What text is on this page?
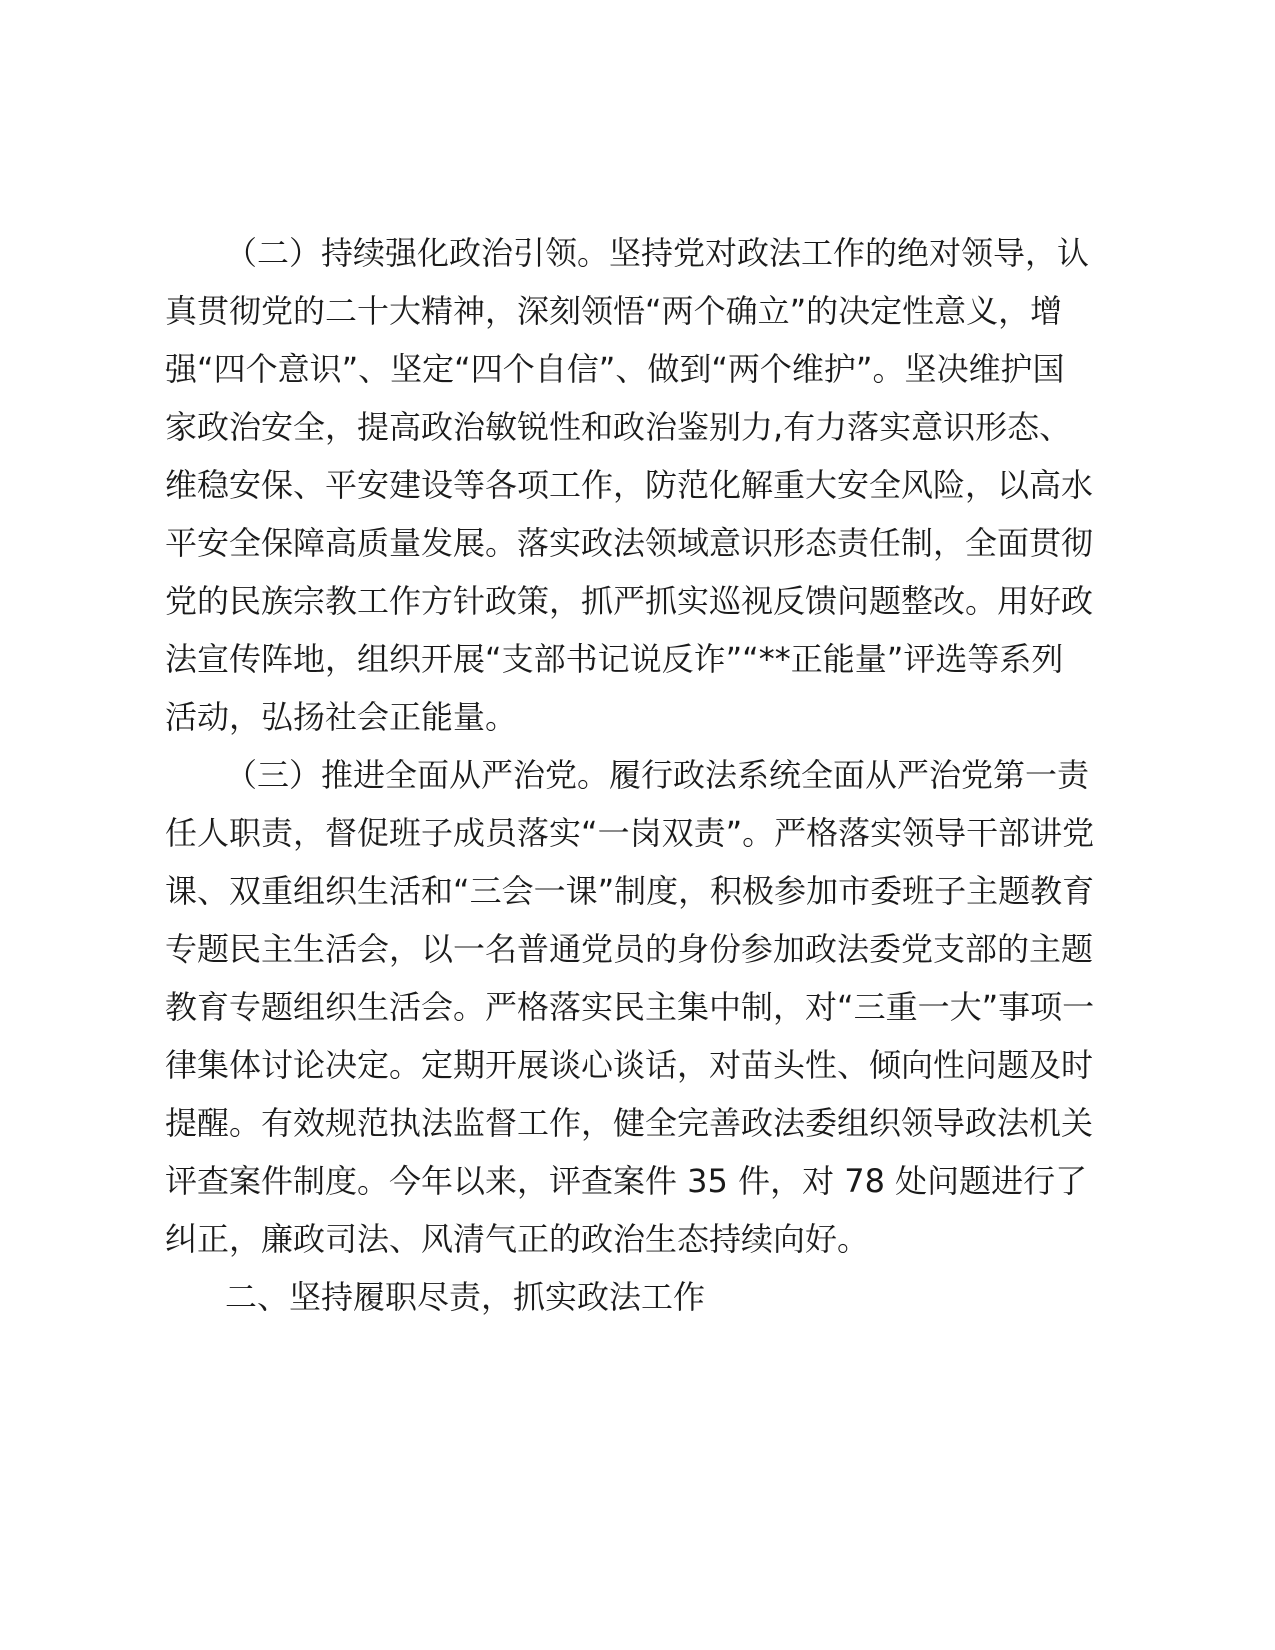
（二）持续强化政治引领。坚持党对政法工作的绝对领导，认真贯彻党的二十大精神，深刻领悟“两个确立”的决定性意义，增强“四个意识”、坚定“四个自信”、做到“两个维护”。坚决维护国家政治安全，提高政治敏锐性和政治鉴别力,有力落实意识形态、维稳安保、平安建设等各项工作，防范化解重大安全风险，以高水平安全保障高质量发展。落实政法领域意识形态责任制，全面贯彻党的民族宗教工作方针政策，抓严抓实巡视反馈问题整改。用好政法宣传阵地，组织开展“支部书记说反诈”“**正能量”评选等系列活动，弘扬社会正能量。

（三）推进全面从严治党。履行政法系统全面从严治党第一责任人职责，督促班子成员落实“一岗双责”。严格落实领导干部讲党课、双重组织生活和“三会一课”制度，积极参加市委班子主题教育专题民主生活会，以一名普通党员的身份参加政法委党支部的主题教育专题组织生活会。严格落实民主集中制，对“三重一大”事项一律集体讨论决定。定期开展谈心谈话，对苗头性、倾向性问题及时提醒。有效规范执法监督工作，健全完善政法委组织领导政法机关评查案件制度。今年以来，评查案件 35 件，对 78 处问题进行了纠正，廉政司法、风清气正的政治生态持续向好。

二、坚持履职尽责，抓实政法工作
